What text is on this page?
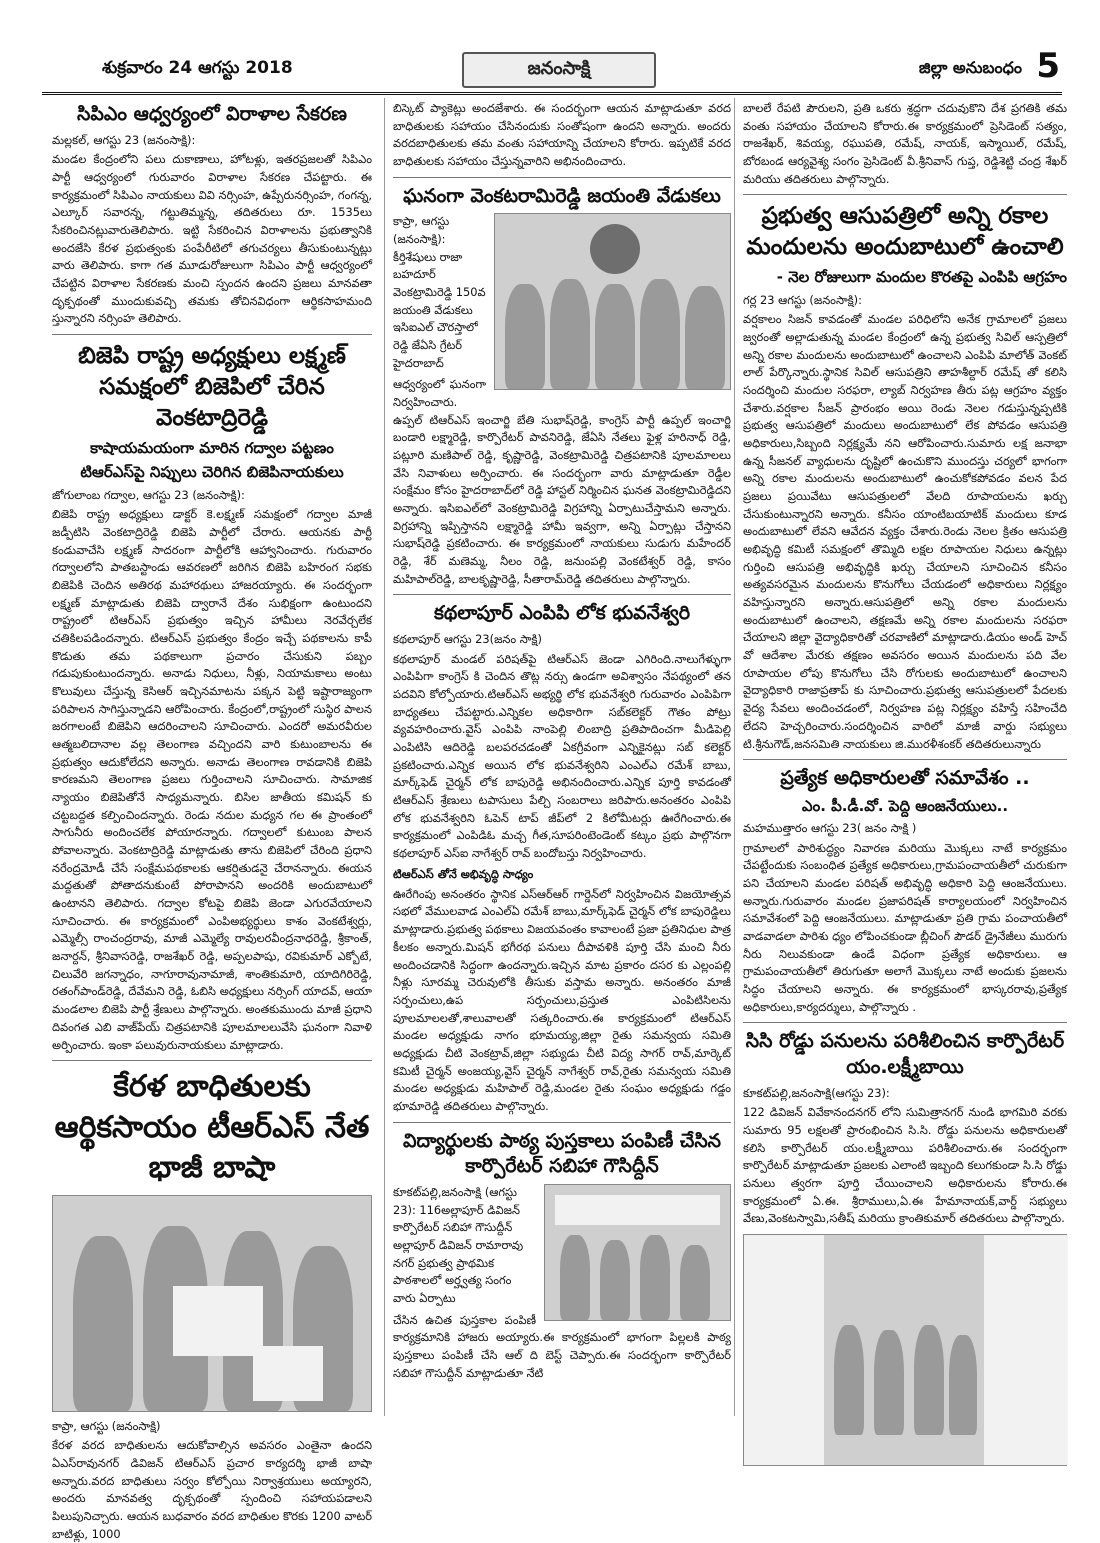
శుక్రవారం 24 ఆగస్టు 2018	జనంసాక్షి	జిల్లా అనుబంధం 5
సిపిఎం ఆధ్వర్యంలో విరాళాల సేకరణ
మల్లకల్, ఆగస్టు 23 (జనంసాక్షి):

మండల కేంద్రంలోని పలు దుకాణాలు, హోటళ్లు, ఇతరప్రజలతో సిపిఎం పార్టీ ఆధ్వర్యంలో గురువారం విరాళాల సేకరణ చేపట్టారు. ఈ కార్యక్రమంలో సిపిఎం నాయకులు వివి నర్సింహ, ఉప్పేరునర్సింహ, గంగన్న, ఎల్కూర్ సవారన్న, గట్టుతిమ్మన్న, తదితరులు రూ. 1535లు సేకరించినట్లువారుతెలిపారు. ఇట్టి సేకరించిన విరాళాలను ప్రభుత్వానికి అందజేసి కేరళ ప్రభుత్వంకు పంపేరీటిలో తగుచర్యలు తీసుకుంటున్నట్లు వారు తెలిపారు. కాగా గత మూడురోజులుగా సిపిఎం పార్టీ ఆధ్వర్యంలో చేపట్టిన విరాళాల సేకరణకు మంచి స్పందన ఉందని ప్రజలు మానవతా దృక్పథంతో ముందుకువచ్చి తమకు తోచినవిధంగా ఆర్థికసాహమంది స్తున్నారని నర్సింహ తెలిపారు.

బిజెపి రాష్ట్ర అధ్యక్షులు లక్ష్మణ్ సమక్షంలో బిజెపిలో చేరిన వెంకటాద్రిరెడ్డి
కాషాయమయంగా మారిన గద్వాల పట్టణం
టిఆర్ఎస్‌పై నిప్పులు చెరిగిన బిజెపినాయకులు
జోగులాంబ గద్వాల, ఆగస్టు 23 (జనంసాక్షి):

బిజెపి రాష్ట్ర అధ్యక్షులు డాక్టర్ కె.లక్ష్మణ్ సమక్షంలో గద్వాల మాజీ జడ్పీటిసి వెంకటాద్రిరెడ్డి బిజెపి పార్టీలో చేరారు. ఆయనకు పార్టీ కండువాచేసి లక్ష్మణ్ సాదరంగా పార్టీలోకి ఆహ్వానించారు. గురువారం గద్వాలలోని పాతబస్టాండు ఆవరణలో జరిగిన బిజెపి బహిరంగ సభకు బిజెపికి చెందిన అతిరథ మహారథులు హాజరయ్యారు. ఈ సందర్భంగా లక్ష్మణ్ మాట్లాడుతు బిజెపి ద్వారానే దేశం సుభిక్షంగా ఉంటుందని రాష్ట్రంలో టిఆర్ఎస్ ప్రభుత్వం ఇచ్చిన హామీలు నెరవేర్చలేక చతికిలపడిందన్నారు. టిఆర్ఎస్ ప్రభుత్వం కేంద్రం ఇచ్చే పథకాలను కాపీ కొడుతు తమ పథకాలుగా ప్రచారం చేసుకుని పబ్బం గడుపుకుంటుందన్నారు. అనాడు నిధులు, నీళ్లు, నియామకాలు అంటు కొలువులు చేస్తున్న కెసిఆర్ ఇచ్చినమాటను పక్కన పెట్టి ఇష్టారాజ్యంగా పరిపాలన సాగిస్తున్నాడని ఆరోపించారు. కేంద్రంలో,రాష్ట్రంలో సుస్థిర పాలన జరగాలంటే బిజెపిని ఆదరించాలని సూచించారు. ఎందరో అమరవీరుల ఆత్మబలిదానాల వల్ల తెలంగాణ వచ్చిందని వారి కుటుంబాలను ఈ ప్రభుత్వం ఆదుకోలేదని అన్నారు. అనాడు తెలంగాణ రావడానికి బిజెపి కారణమని తెలంగాణ ప్రజలు గుర్తించాలని సూచించారు. సామాజిక న్యాయం బిజెపితోనే సాధ్యమన్నారు. బిసిల జాతీయ కమిషన్ కు చట్టబద్దత కల్పించిందన్నారు. రెండు నదుల మధ్యన గల ఈ ప్రాంతంలో సాగునీరు అందించలేక పోయారన్నారు. గద్వాలలో కుటుంబ పాలన పోవాలన్నారు. వెంకటాద్రిరెడ్డి మాట్లాడుతు తాను బిజెపిలో చేరింది ప్రధాని నరేంద్రమోడీ చేసే సంక్షేమపథకాలకు ఆకర్షితుడనై చేరానన్నారు. ఈయన మద్దతుతో పోతాదనుకుంటే పోరాపానని అందరికి అందుబాటులో ఉంటానని తెలిపారు. గద్వాల కోటపై బిజెపి జెండా ఎగురవేయాలని సూచించారు. ఈ కార్యక్రమంలో ఎంపిఅభ్యర్థులు కాశం వెంకటేశ్వర్లు, ఎమ్మెల్సీ రాంచంద్రరావు, మాజీ ఎమ్మెల్యే రావులరవీంద్రనాధరెడ్డి, శ్రీకాంత్, జనార్దన్, శ్రీనివాసరెడ్డి, రాజశేఖర్ రెడ్డి, అప్పలపాషు, రవికుమార్ ఎక్బోటే, చిలువేరి జగన్నాధం, నాగూరావునామాజీ, శాంతికుమారి, యాదిగిరిరెడ్డి, రతంగ్‌పాండ్‌రెడ్డి, దేవేమని రెడ్డి, ఓబిసి అధ్యక్షులు నర్సింగ్ యాదవ్, ఆయా మండలాల బిజెపి పార్టీ శ్రేణులు పాల్గొన్నారు. అంతకుముందు మాజీ ప్రధాని దివంగత ఎబి వాజ్‌పేయ్ చిత్రపటానికి పూలమాలలువేసి ఘనంగా నివాళి అర్పించారు. ఇంకా పలువురునాయకులు మాట్లాడారు.

కేరళ బాధితులకు ఆర్థికసాయం టీఆర్ఎస్ నేత భాజీ బాషా
కాప్రా, ఆగస్టు (జనంసాక్షి)

కేరళ వరద బాధితులను ఆదుకోవాల్సిన అవసరం ఎంతైనా ఉందని ఏఎస్‌రావునగర్ డివిజన్ టిఆర్ఎస్ ప్రచార కార్యదర్శి భాజీ బాషా అన్నారు.వరద బాధితులు సర్వం కోల్పోయి నిర్వాశ్రయులు అయ్యారని, అందరు మానవత్వ దృక్పథంతో స్పందించి సహాయపడాలని పిలుపునిచ్చారు. ఆయన బుధవారం వరద బాధితుల కొరకు 1200 వాటర్ బాటిళ్లు, 1000

బిస్కెట్ ప్యాకెట్లు అందజేశారు. ఈ సందర్భంగా ఆయన మాట్లాడుతూ వరద బాధితులకు సహాయం చేసినందుకు సంతోషంగా ఉందని అన్నారు. అందరు వరదబాధితులకు తమ వంతు సహాయాన్ని చేయాలని కోరారు. ఇప్పటికే వరద బాధితులకు సహాయం చేస్తున్నవారిని అభినందించారు.

ఘనంగా వెంకటరామిరెడ్డి జయంతి వేడుకలు

కాప్రా, ఆగస్టు (జనంసాక్షి): కీర్తిశేషులు రాజా బహదూర్ వెంకట్రామిరెడ్డి 150వ జయంతి వేడుకలు ఇసిఐఎల్ చౌరస్తాలో రెడ్డి జేఏసి గ్రేటర్ హైదరాబాద్

ఆధ్వర్యంలో ఘనంగా నిర్వహించారు. ఉప్పల్ టిఆర్ఎస్ ఇంచార్జి బేతి సుభాష్‌రెడ్డి, కాంగ్రెస్ పార్టీ ఉప్పల్ ఇంచార్జి బండారి లక్ష్మారెడ్డి, కార్పొరేటర్ పావనిరెడ్డి, జేఏసి నేతలు ఫైళ్ల హరినాధ్ రెడ్డి, పట్లూరి మణిపాల్ రెడ్డి, కృష్ణారెడ్డి, వెంకట్రామిరెడ్డి చిత్రపటానికి పూలమాలలు వేసి నివాళులు అర్పించారు. ఈ సందర్భంగా వారు మాట్లాడుతూ రెడ్డీల సంక్షేమం కోసం హైదరాబాద్‌లో రెడ్డి హాస్టల్ నిర్మించిన ఘనత వెంకట్రామిరెడ్డిదని అన్నారు. ఇసిఐఎల్‌లో వెంకట్రామిరెడ్డి విగ్రహాన్ని ఏర్పాటుచేస్తామని అన్నారు. విగ్రహాన్ని ఇప్పిస్తానని లక్ష్మారెడ్డి హామీ ఇవ్వగా, అన్ని ఏర్పాట్లు చేస్తానని సుభాష్‌రెడ్డి ప్రకటించారు. ఈ కార్యక్రమంలో నాయకులు సుడుగు మహేందర్ రెడ్డి, శేర్ మణెమ్మ, నీలం రెడ్డి, జనుంపల్లి వెంకటేశ్వర్ రెడ్డి, కాసం మహిపాల్‌రెడ్డి, బాలకృష్ణారెడ్డి, సీతారామ్‌రెడ్డి తదితరులు పాల్గొన్నారు.

కథలాపూర్ ఎంపిపి లోక భువనేశ్వరి
కథలాపూర్ ఆగస్టు 23(జనం సాక్షి)

కథలాపూర్ మండల్ పరిషత్‌పై టిఆర్ఎస్ జెండా ఎగిరింది.నాలుగేళ్ళుగా ఎంపిపిగా కాంగ్రెస్ కి చెందిన తొట్ల నర్సు ఉండగా అవిశ్వాసం నేపథ్యంలో తన పదవిని కోల్పోయారు.టిఆర్ఎస్ అభ్యర్థి లోక భువనేశ్వరి గురువారం ఎంపిపిగా బాధ్యతలు చేపట్టారు.ఎన్నికల అధికారిగా సబ్‌కలెక్టర్ గౌతం పోట్రు వ్యవహరించారు.వైస్ ఎంపిపి నాంపెల్లి లింబాద్రి ప్రతిపాదించగా మీడిపెల్లి ఎంపిటిసి ఆదిరెడ్డి బలపరచడంతో ఏకగ్రీవంగా ఎన్నికైనట్లు సబ్ కలెక్టర్ ప్రకటించారు.ఎన్నిక అయిన లోక భువనేశ్వరిని ఎంఎల్ఎ రమేశ్ బాబు, మార్క్‌ఫెడ్ చైర్మన్ లోక బాపురెడ్డి అభినందించారు.ఎన్నిక పూర్తి కావడంతో టిఆర్ఎస్ శ్రేణులు టపాసులు పేల్చి సంబరాలు జరిపారు.అనంతరం ఎంపిపి లోక భువనేశ్వరిని ఓపెన్ టాప్ జీప్‌లో 2 కిలోమీటర్లు ఊరేగించారు.ఈ కార్యక్రమంలో ఎంపిడిఓ మచ్చ గీత,సూపరింటెండెంట్ కట్కం ప్రభు పాల్గొనగా కథలాపూర్ ఎస్ఐ నాగేశ్వర్ రావ్ బందోబస్తు నిర్వహించారు.

టిఆర్ఎస్ తోనే అభివృద్ధి సాధ్యం

ఊరేగింపు అనంతరం స్థానిక ఎస్ఆర్ఆర్ గార్డెన్‌లో నిర్వహించిన విజయోత్సవ సభలో వేములవాడ ఎంఎల్ఏ రమేశ్ బాబు,మార్క్‌ఫెడ్ చైర్మన్ లోక బాపురెడ్డిలు మాట్లాడారు.ప్రభుత్వ పథకాలు విజయవంతం కావాలంటే ప్రజా ప్రతినిధుల పాత్ర కీలకం అన్నారు.మిషన్ భగీరథ పనులు దీపావళికి పూర్తి చేసి మంచి నీరు అందించడానికి సిద్ధంగా ఉందన్నారు.ఇచ్చిన మాట ప్రకారం దసర కు ఎల్లంపల్లి నీళ్లు సూరమ్మ చెరువులోకి తీసుకు వస్తామ అన్నారు. అనంతరం మాజీ సర్పంచులు,ఉప సర్పంచులు,ప్రస్తుత ఎంపిటిసిలను పూలమాలలతో,శాలువాలతో సత్కరించారు.ఈ కార్యక్రమంలో టిఆర్ఎస్ మండల అధ్యక్షుడు నాగం భూమయ్య,జిల్లా రైతు సమన్వయ సమితి అధ్యక్షుడు చీటి వెంకట్రావ్,జిల్లా సభ్యుడు చీటి విద్య సాగర్ రావ్,మార్కెట్ కమిటీ చైర్మన్ అంజయ్య,వైస్ చైర్మన్ నాగేశ్వర్ రావ్,రైతు సమన్వయ సమితి మండల అధ్యక్షుడు మహిపాల్ రెడ్డి,మండల రైతు సంఘం అధ్యక్షుడు గడ్డం భూమారెడ్డి తదితరులు పాల్గొన్నారు.

విద్యార్థులకు పాఠ్య పుస్తకాలు పంపిణీ చేసిన కార్పొరేటర్ సబిహా గౌసిద్దీన్

కూకట్‌పల్లి,జనంసాక్షి (ఆగస్టు 23): 116అల్లాపూర్ డివిజన్ కార్పొరేటర్ సబిహా గౌసుద్దీన్ అల్లాపూర్ డివిజన్ రామారావు నగర్ ప్రభుత్వ ప్రాథమిక పాఠశాలలో అర్హ్వత్య సంగం వారు ఏర్పాటు

చేసిన ఉచిత పుస్తకాల పంపిణీ కార్యక్రమానికి హాజరు అయ్యారు.ఈ కార్యక్రమంలో భాగంగా పిల్లలకి పాఠ్య పుస్తకాలు పంపిణీ చేసి ఆల్ ది బెస్ట్ చెప్పారు.ఈ సందర్భంగా కార్పొరేటర్ సబిహా గౌసుద్దీన్ మాట్లాడుతూ నేటి

బాలలే రేపటి పౌరులని, ప్రతి ఒకరు శ్రద్ధగా చదువుకొని దేశ ప్రగతికి తమ వంతు సహాయం చేయాలని కోరారు.ఈ కార్యక్రమంలో ప్రెసిడెంట్ సత్యం, రాజశేఖర్, శివయ్య, రఘుపతి, రమేష్, నాయక్, ఇస్మాయిల్, రమేష్, బోరబండ ఆర్యవైశ్య సంగం ప్రెసిడెంట్ వీ.శ్రీనివాస్ గుప్త, రెడ్డిశెట్టి చంద్ర శేఖర్ మరియు తదితరులు పాల్గొన్నారు.

ప్రభుత్వ ఆసుపత్రిలో అన్ని రకాల మందులను అందుబాటులో ఉంచాలి
- నెల రోజులుగా మందుల కొరతపై ఎంపిపి ఆగ్రహం
గర్ల 23 ఆగస్టు (జనంసాక్షి):

వర్షకాలం సిజన్ కావడంతో మండల పరిధిలోని అనేక గ్రామాలలో ప్రజలు జ్వరంతో అల్లాడుతున్న మండల కేంద్రంలో ఉన్న ప్రభుత్వ సివిల్ ఆస్పత్రిలో అన్ని రకాల మందులను అందుబాటులో ఉంచాలని ఎంపిపి మాలోత్ వెంకట్ లాల్ పేర్కొన్నారు.స్థానిక సివిల్ ఆసుపత్రిని తాహశీల్దార్ రమేష్ తో కలిసి సందర్శించి మందుల సరఫరా, ల్యాబ్ నిర్వహణ తీరు పట్ల ఆగ్రహం వ్యక్తం చేశారు.వర్షకాల సీజన్ ప్రారంభం అయి రెండు నెలల గడుస్తున్నప్పటికి ప్రభుత్వ ఆసుపత్రిలో మందులు అందుబాటులో లేక పోవడం ఆసుపత్రి అధికారులు,సిబ్బంది నిర్లక్ష్యమే నని ఆరోపించారు.సుమారు లక్ష జనాభా ఉన్న సీజనల్ వ్యాధులను దృష్టిలో ఉంచుకొని ముందస్తు చర్యలో భాగంగా అన్ని రకాల మందులను అందుబాటులో ఉంచుకోకపోవడం వలన పేద ప్రజలు ప్రయివేటు ఆసుపత్రులలో వేలది రూపాయలను ఖర్చు చేసుకుంటున్నారని అన్నారు. కనీసం యాంటిబయాటిక్ మందులు కూడ అందుబాటులో లేవని ఆవేదన వ్యక్తం చేశారు.రెండు నెలల క్రితం ఆసుపత్రి అభివృద్ధి కమిటీ సమక్షంలో తొమ్మిది లక్షల రూపాయల నిధులు ఉన్నట్లు గుర్తించి ఆసుపత్రి అభివృద్ధికి ఖర్చు చేయాలని సూచించిన కనీసం అత్యవసరమైన మందులను కొనుగోలు చేయడంలో అధికారులు నిర్లక్ష్యం వహిస్తున్నారని అన్నారు.ఆసుపత్రిలో అన్ని రకాల మందులను అందుబాటులో ఉంచాలని, తక్షణమే అన్ని రకాల మందులను సరఫరా చేయాలని జిల్లా వైద్యాధికారితో చరవాణిలో మాట్లాడారు.డియం అండ్ హెచ్ వో ఆదేశాల మేరకు తక్షణం అవసరం అయిన మందులను పది వేల రూపాయల లోపు కొనుగోలు చేసి రోగులకు అందుబాటులో ఉంచాలని వైద్యాధికారి రాజాప్రతాప్ కు సూచించారు.ప్రభుత్వ ఆసుపత్రులలో పేదలకు వైద్య సేవలు అందించడంలో, నిర్వహణ పట్ల నిర్లక్ష్యం వహిస్తే సహించేది లేదని హెచ్చరించారు.సందర్శించిన వారిలో మాజీ వార్డు సభ్యులు టి.శ్రీనుగౌడ్,జనసమితి నాయకులు జి.మురళీశంకర్ తదితరులున్నారు

ప్రత్యేక అధికారులతో సమావేశం ..
ఎం. పీ.డీ.వో. పెద్ది ఆంజనేయులు..
మహముత్తారం ఆగస్టు 23( జనం సాక్షి )

గ్రామాలలో పారిశుద్ధ్యం నివారణ మరియు మొక్కలు నాటే కార్యక్రమం చేపట్టేందుకు సంబంధిత ప్రత్యేక అధికారులు,గ్రామపంచాయతీలో చురుకుగా పని చేయాలని మండల పరిషత్ అభివృద్ధి అధికారి పెద్ది ఆంజనేయులు. అన్నారు.గురువారం మండల ప్రజాపరిషత్ కార్యాలయంలో నిర్వహించిన సమావేశంలో పెద్ది ఆంజనేయులు. మాట్లాడుతూ ప్రతి గ్రామ పంచాయతీలో వాడవాడలా పారిశు ధ్యం లోపించకుండా బ్లీచింగ్ పౌడర్ డ్రైనేజీలు మురుగు నీరు నిలువకుండా ఉండే విధంగా ప్రత్యేక అధికారులు. ఆ గ్రామపంచాయతీలో తిరుగుతూ అలాగే మొక్కలు నాటే అందుకు ప్రజలను సిద్ధం చేయాలని అన్నారు. ఈ కార్యక్రమంలో భాస్కరరావు,ప్రత్యేక అధికారులు,కార్యదర్శులు, పాల్గొన్నారు .

సిసి రోడ్డు పనులను పరిశీలించిన కార్పొరేటర్ యం.లక్ష్మీబాయి
కూకట్‌పల్లి,జనంసాక్షి(ఆగస్టు 23):

122 డివిజన్ వివేకానందనగర్ లోని సుమిత్రానగర్ నుండి భాగమిరి వరకు సుమారు 95 లక్షలతో ప్రారంభించిన సి.సి. రోడ్డు పనులను అధికారులతో కలిసి కార్పొరేటర్ యం.లక్ష్మీబాయి పరిశీలించారు.ఈ సందర్భంగా కార్పొరేటర్ మాట్లాడుతూ ప్రజలకు ఎలాంటి ఇబ్బంది కలుగకుండా సి.సి రోడ్డు పనులు త్వరగా పూర్తి చేయించాలని అధికారులను కోరారు.ఈ కార్యక్రమంలో ఏ.ఈ. శ్రీరాములు,ఏ.ఈ హేమానాయక్,వార్డ్ సభ్యులు వేణు,వెంకటస్వామి,సతీష్ మరియు క్రాంతికుమార్ తదితరులు పాల్గొన్నారు.
